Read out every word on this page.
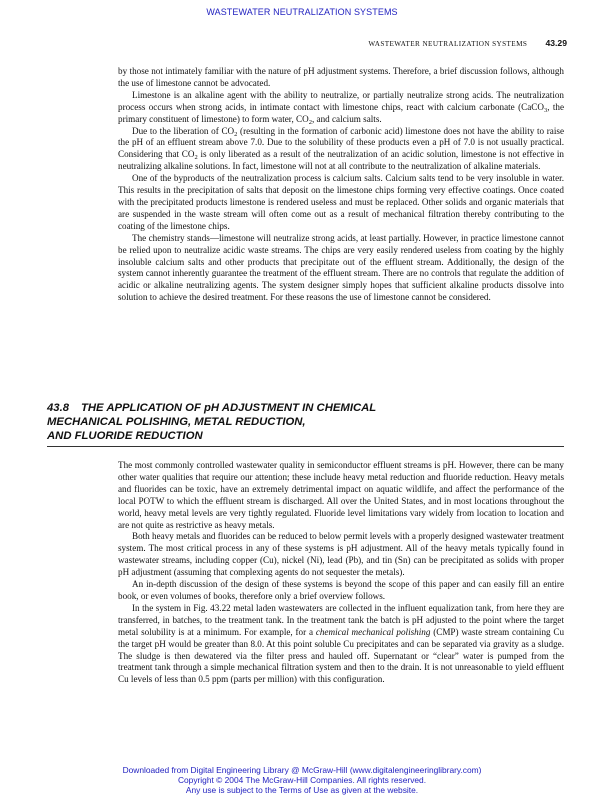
WASTEWATER NEUTRALIZATION SYSTEMS
WASTEWATER NEUTRALIZATION SYSTEMS 43.29

by those not intimately familiar with the nature of pH adjustment systems. Therefore, a brief discussion follows, although the use of limestone cannot be advocated.

Limestone is an alkaline agent with the ability to neutralize, or partially neutralize strong acids. The neutralization process occurs when strong acids, in intimate contact with limestone chips, react with calcium carbonate (CaCO$_3$, the primary constituent of limestone) to form water, $CO_2$, and calcium salts.

Due to the liberation of $CO_2$ (resulting in the formation of carbonic acid) limestone does not have the ability to raise the pH of an effluent stream above 7.0. Due to the solubility of these products even a pH of 7.0 is not usually practical. Considering that $CO_2$ is only liberated as a result of the neutralization of an acidic solution, limestone is not effective in neutralizing alkaline solutions. In fact, limestone will not at all contribute to the neutralization of alkaline materials.

One of the byproducts of the neutralization process is calcium salts. Calcium salts tend to be very insoluble in water. This results in the precipitation of salts that deposit on the limestone chips forming very effective coatings. Once coated with the precipitated products limestone is rendered useless and must be replaced. Other solids and organic materials that are suspended in the waste stream will often come out as a result of mechanical filtration thereby contributing to the coating of the limestone chips.

The chemistry stands—limestone will neutralize strong acids, at least partially. However, in practice limestone cannot be relied upon to neutralize acidic waste streams. The chips are very easily rendered useless from coating by the highly insoluble calcium salts and other products that precipitate out of the effluent stream. Additionally, the design of the system cannot inherently guarantee the treatment of the effluent stream. There are no controls that regulate the addition of acidic or alkaline neutralizing agents. The system designer simply hopes that sufficient alkaline products dissolve into solution to achieve the desired treatment. For these reasons the use of limestone cannot be considered.

43.8 THE APPLICATION OF pH ADJUSTMENT IN CHEMICAL
MECHANICAL POLISHING, METAL REDUCTION,
AND FLUORIDE REDUCTION

The most commonly controlled wastewater quality in semiconductor effluent streams is pH. However, there can be many other water qualities that require our attention; these include heavy metal reduction and fluoride reduction. Heavy metals and fluorides can be toxic, have an extremely detrimental impact on aquatic wildlife, and affect the performance of the local POTW to which the effluent stream is discharged. All over the United States, and in most locations throughout the world, heavy metal levels are very tightly regulated. Fluoride level limitations vary widely from location to location and are not quite as restrictive as heavy metals.

Both heavy metals and fluorides can be reduced to below permit levels with a properly designed wastewater treatment system. The most critical process in any of these systems is pH adjustment. All of the heavy metals typically found in wastewater streams, including copper (Cu), nickel (Ni), lead (Pb), and tin (Sn) can be precipitated as solids with proper pH adjustment (assuming that complexing agents do not sequester the metals).

An in-depth discussion of the design of these systems is beyond the scope of this paper and can easily fill an entire book, or even volumes of books, therefore only a brief overview follows.

In the system in Fig. 43.22 metal laden wastewaters are collected in the influent equalization tank, from here they are transferred, in batches, to the treatment tank. In the treatment tank the batch is pH adjusted to the point where the target metal solubility is at a minimum. For example, for a chemical mechanical polishing (CMP) waste stream containing Cu the target pH would be greater than 8.0. At this point soluble Cu precipitates and can be separated via gravity as a sludge. The sludge is then dewatered via the filter press and hauled off. Supernatant or “clear” water is pumped from the treatment tank through a simple mechanical filtration system and then to the drain. It is not unreasonable to yield effluent Cu levels of less than 0.5 ppm (parts per million) with this configuration.

Downloaded from Digital Engineering Library @ McGraw-Hill (www.digitalengineeringlibrary.com)
Copyright © 2004 The McGraw-Hill Companies. All rights reserved.
Any use is subject to the Terms of Use as given at the website.
